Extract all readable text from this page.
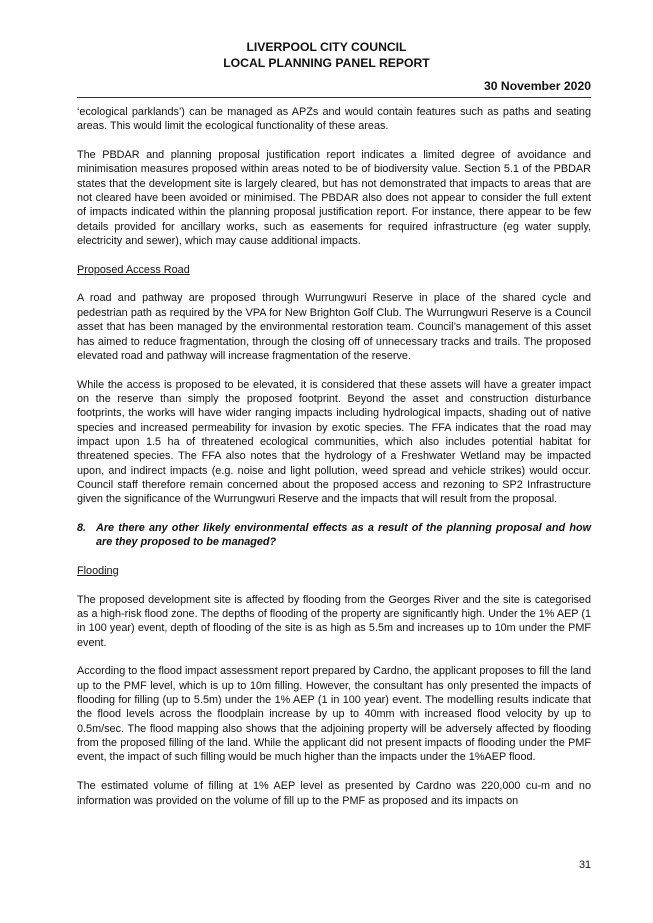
LIVERPOOL CITY COUNCIL
LOCAL PLANNING PANEL REPORT
30 November 2020

‘ecological parklands’) can be managed as APZs and would contain features such as paths and seating areas. This would limit the ecological functionality of these areas.

The PBDAR and planning proposal justification report indicates a limited degree of avoidance and minimisation measures proposed within areas noted to be of biodiversity value. Section 5.1 of the PBDAR states that the development site is largely cleared, but has not demonstrated that impacts to areas that are not cleared have been avoided or minimised. The PBDAR also does not appear to consider the full extent of impacts indicated within the planning proposal justification report. For instance, there appear to be few details provided for ancillary works, such as easements for required infrastructure (eg water supply, electricity and sewer), which may cause additional impacts.

Proposed Access Road

A road and pathway are proposed through Wurrungwuri Reserve in place of the shared cycle and pedestrian path as required by the VPA for New Brighton Golf Club. The Wurrungwuri Reserve is a Council asset that has been managed by the environmental restoration team. Council’s management of this asset has aimed to reduce fragmentation, through the closing off of unnecessary tracks and trails. The proposed elevated road and pathway will increase fragmentation of the reserve.

While the access is proposed to be elevated, it is considered that these assets will have a greater impact on the reserve than simply the proposed footprint. Beyond the asset and construction disturbance footprints, the works will have wider ranging impacts including hydrological impacts, shading out of native species and increased permeability for invasion by exotic species. The FFA indicates that the road may impact upon 1.5 ha of threatened ecological communities, which also includes potential habitat for threatened species. The FFA also notes that the hydrology of a Freshwater Wetland may be impacted upon, and indirect impacts (e.g. noise and light pollution, weed spread and vehicle strikes) would occur. Council staff therefore remain concerned about the proposed access and rezoning to SP2 Infrastructure given the significance of the Wurrungwuri Reserve and the impacts that will result from the proposal.

8. Are there any other likely environmental effects as a result of the planning proposal and how are they proposed to be managed?

Flooding

The proposed development site is affected by flooding from the Georges River and the site is categorised as a high-risk flood zone. The depths of flooding of the property are significantly high. Under the 1% AEP (1 in 100 year) event, depth of flooding of the site is as high as 5.5m and increases up to 10m under the PMF event.

According to the flood impact assessment report prepared by Cardno, the applicant proposes to fill the land up to the PMF level, which is up to 10m filling. However, the consultant has only presented the impacts of flooding for filling (up to 5.5m) under the 1% AEP (1 in 100 year) event. The modelling results indicate that the flood levels across the floodplain increase by up to 40mm with increased flood velocity by up to 0.5m/sec. The flood mapping also shows that the adjoining property will be adversely affected by flooding from the proposed filling of the land. While the applicant did not present impacts of flooding under the PMF event, the impact of such filling would be much higher than the impacts under the 1%AEP flood.

The estimated volume of filling at 1% AEP level as presented by Cardno was 220,000 cu-m and no information was provided on the volume of fill up to the PMF as proposed and its impacts on

31
